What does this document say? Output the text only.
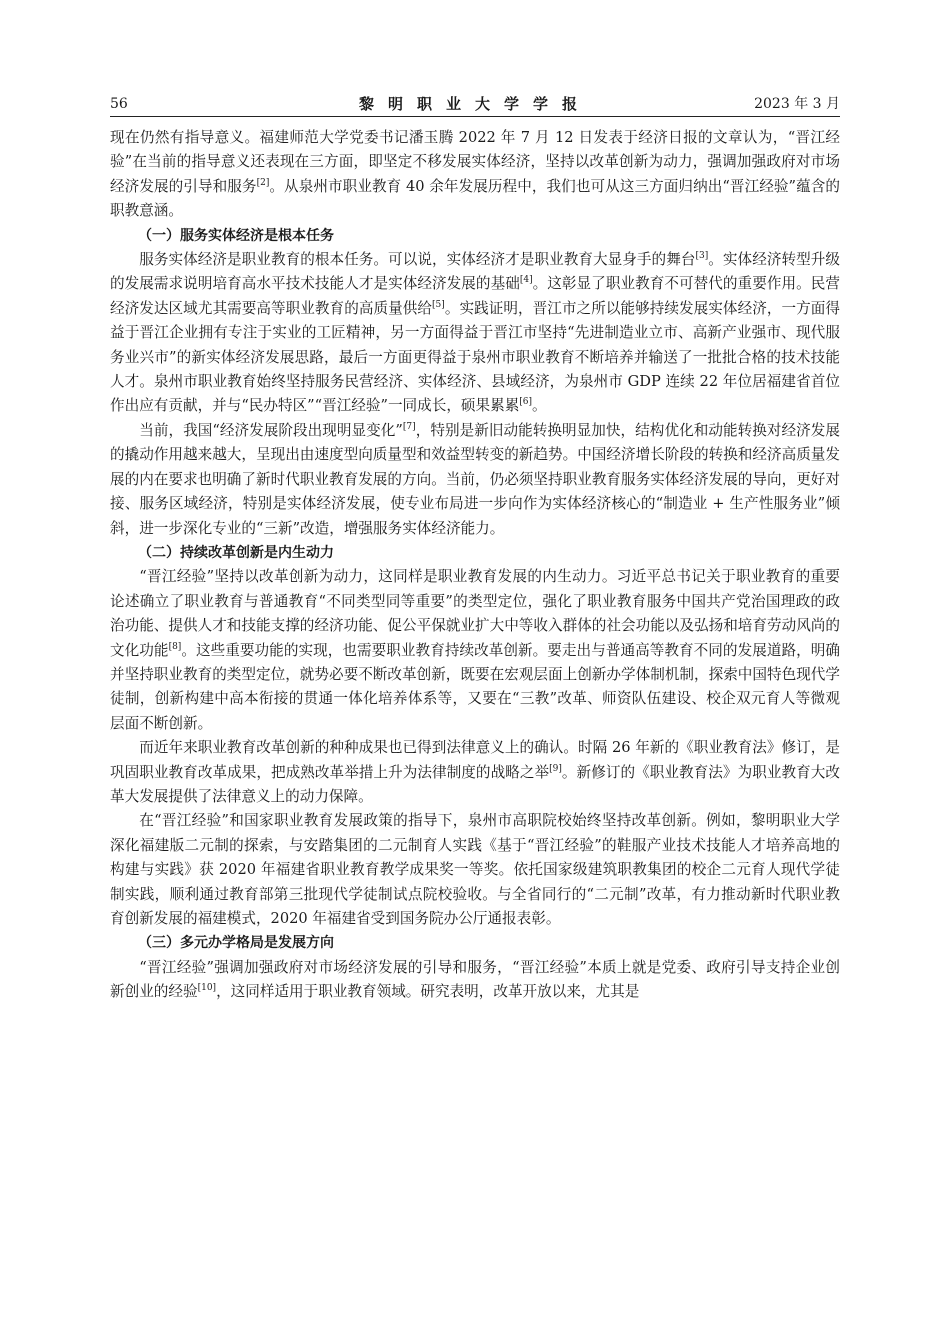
56	黎明职业大学学报	2023 年 3 月

现在仍然有指导意义。福建师范大学党委书记潘玉腾 2022 年 7 月 12 日发表于经济日报的文章认为，“晋江经验”在当前的指导意义还表现在三方面，即坚定不移发展实体经济，坚持以改革创新为动力，强调加强政府对市场经济发展的引导和服务[2]。从泉州市职业教育 40 余年发展历程中，我们也可从这三方面归纳出“晋江经验”蕴含的职教意涵。

（一）服务实体经济是根本任务

服务实体经济是职业教育的根本任务。可以说，实体经济才是职业教育大显身手的舞台[3]。实体经济转型升级的发展需求说明培育高水平技术技能人才是实体经济发展的基础[4]。这彰显了职业教育不可替代的重要作用。民营经济发达区域尤其需要高等职业教育的高质量供给[5]。实践证明，晋江市之所以能够持续发展实体经济，一方面得益于晋江企业拥有专注于实业的工匠精神，另一方面得益于晋江市坚持“先进制造业立市、高新产业强市、现代服务业兴市”的新实体经济发展思路，最后一方面更得益于泉州市职业教育不断培养并输送了一批批合格的技术技能人才。泉州市职业教育始终坚持服务民营经济、实体经济、县域经济，为泉州市 GDP 连续 22 年位居福建省首位作出应有贡献，并与“民办特区”“晋江经验”一同成长，硕果累累[6]。

当前，我国“经济发展阶段出现明显变化”[7]，特别是新旧动能转换明显加快，结构优化和动能转换对经济发展的撬动作用越来越大，呈现出由速度型向质量型和效益型转变的新趋势。中国经济增长阶段的转换和经济高质量发展的内在要求也明确了新时代职业教育发展的方向。当前，仍必须坚持职业教育服务实体经济发展的导向，更好对接、服务区域经济，特别是实体经济发展，使专业布局进一步向作为实体经济核心的“制造业 + 生产性服务业”倾斜，进一步深化专业的“三新”改造，增强服务实体经济能力。

（二）持续改革创新是内生动力

“晋江经验”坚持以改革创新为动力，这同样是职业教育发展的内生动力。习近平总书记关于职业教育的重要论述确立了职业教育与普通教育“不同类型同等重要”的类型定位，强化了职业教育服务中国共产党治国理政的政治功能、提供人才和技能支撑的经济功能、促公平保就业扩大中等收入群体的社会功能以及弘扬和培育劳动风尚的文化功能[8]。这些重要功能的实现，也需要职业教育持续改革创新。要走出与普通高等教育不同的发展道路，明确并坚持职业教育的类型定位，就势必要不断改革创新，既要在宏观层面上创新办学体制机制，探索中国特色现代学徒制，创新构建中高本衔接的贯通一体化培养体系等，又要在“三教”改革、师资队伍建设、校企双元育人等微观层面不断创新。

而近年来职业教育改革创新的种种成果也已得到法律意义上的确认。时隔 26 年新的《职业教育法》修订，是巩固职业教育改革成果，把成熟改革举措上升为法律制度的战略之举[9]。新修订的《职业教育法》为职业教育大改革大发展提供了法律意义上的动力保障。

在“晋江经验”和国家职业教育发展政策的指导下，泉州市高职院校始终坚持改革创新。例如，黎明职业大学深化福建版二元制的探索，与安踏集团的二元制育人实践《基于“晋江经验”的鞋服产业技术技能人才培养高地的构建与实践》获 2020 年福建省职业教育教学成果奖一等奖。依托国家级建筑职教集团的校企二元育人现代学徒制实践，顺利通过教育部第三批现代学徒制试点院校验收。与全省同行的“二元制”改革，有力推动新时代职业教育创新发展的福建模式，2020 年福建省受到国务院办公厅通报表彰。

（三）多元办学格局是发展方向

“晋江经验”强调加强政府对市场经济发展的引导和服务，“晋江经验”本质上就是党委、政府引导支持企业创新创业的经验[10]，这同样适用于职业教育领域。研究表明，改革开放以来，尤其是
